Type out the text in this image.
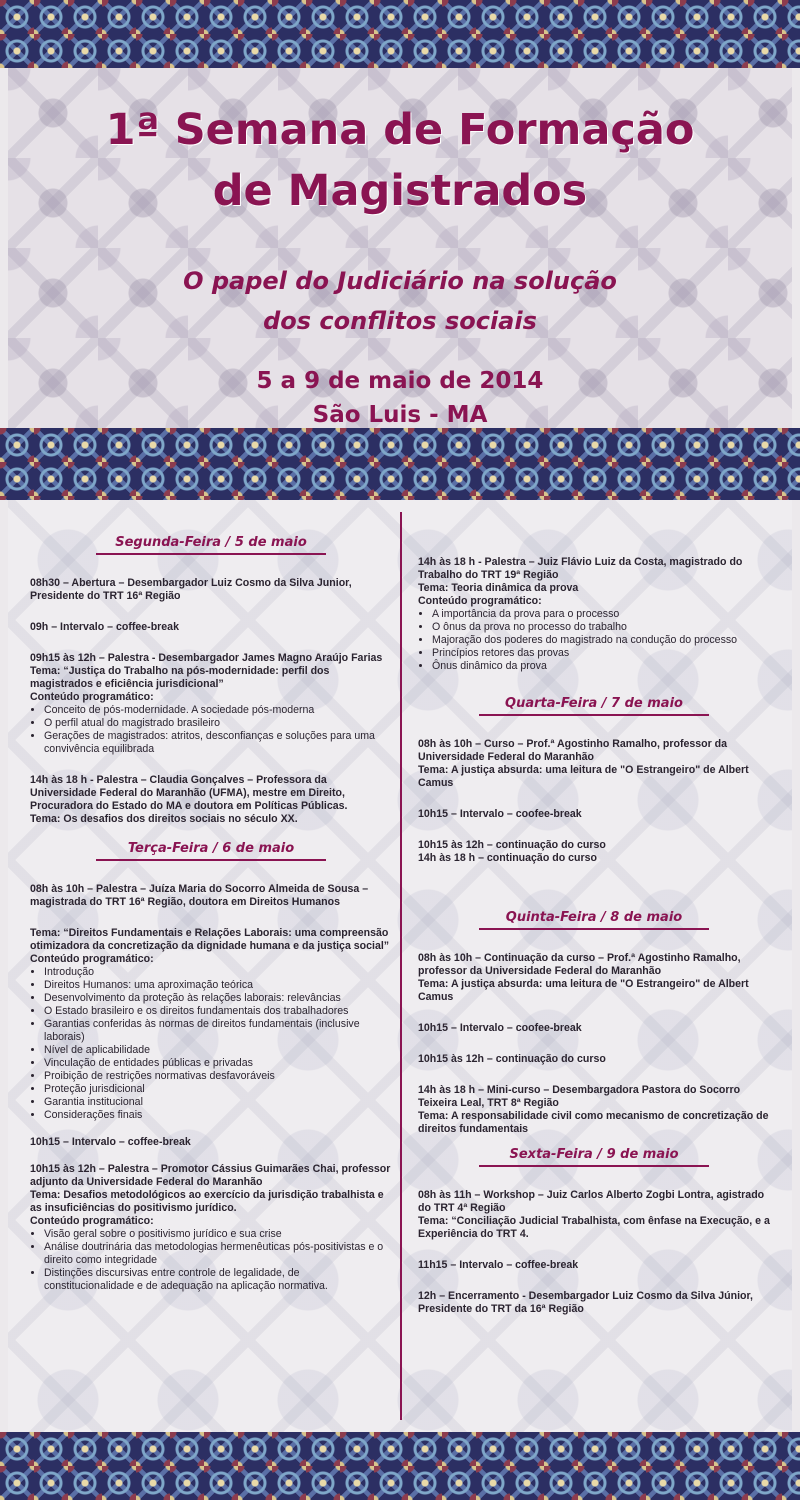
1ª Semana de Formação
de Magistrados
O papel do Judiciário na solução
dos conflitos sociais
5 a 9 de maio de 2014
São Luis - MA
Segunda-Feira / 5 de maio

08h30 – Abertura – Desembargador Luiz Cosmo da Silva Junior, Presidente do TRT 16ª Região

09h – Intervalo – coffee-break

09h15 às 12h – Palestra - Desembargador James Magno Araújo Farias

Tema: “Justiça do Trabalho na pós-modernidade: perfil dos magistrados e eficiência jurisdicional”

Conteúdo programático:

• Conceito de pós-modernidade. A sociedade pós-moderna
• O perfil atual do magistrado brasileiro
• Gerações de magistrados: atritos, desconfianças e soluções para uma convivência equilibrada

14h às 18 h - Palestra – Claudia Gonçalves – Professora da Universidade Federal do Maranhão (UFMA), mestre em Direito, Procuradora do Estado do MA e doutora em Políticas Públicas.

Tema: Os desafios dos direitos sociais no século XX.

Terça-Feira / 6 de maio

08h às 10h – Palestra – Juíza Maria do Socorro Almeida de Sousa – magistrada do TRT 16ª Região, doutora em Direitos Humanos

Tema: “Direitos Fundamentais e Relações Laborais: uma compreensão otimizadora da concretização da dignidade humana e da justiça social”

Conteúdo programático:

• Introdução
• Direitos Humanos: uma aproximação teórica
• Desenvolvimento da proteção às relações laborais: relevâncias
• O Estado brasileiro e os direitos fundamentais dos trabalhadores
• Garantias conferidas às normas de direitos fundamentais (inclusive laborais)
• Nível de aplicabilidade
• Vinculação de entidades públicas e privadas
• Proibição de restrições normativas desfavoráveis
• Proteção jurisdicional
• Garantia institucional
• Considerações finais

10h15 – Intervalo – coffee-break

10h15 às 12h – Palestra – Promotor Cássius Guimarães Chai, professor adjunto da Universidade Federal do Maranhão

Tema: Desafios metodológicos ao exercício da jurisdição trabalhista e as insuficiências do positivismo jurídico.

Conteúdo programático:

• Visão geral sobre o positivismo jurídico e sua crise
• Análise doutrinária das metodologias hermenêuticas pós-positivistas e o direito como integridade
• Distinções discursivas entre controle de legalidade, de constitucionalidade e de adequação na aplicação normativa.

14h às 18 h - Palestra – Juiz Flávio Luiz da Costa, magistrado do Trabalho do TRT 19ª Região

Tema: Teoria dinâmica da prova

Conteúdo programático:

• A importância da prova para o processo
• O ônus da prova no processo do trabalho
• Majoração dos poderes do magistrado na condução do processo
• Princípios retores das provas
• Ônus dinâmico da prova
Quarta-Feira / 7 de maio

08h às 10h – Curso – Prof.ª Agostinho Ramalho, professor da Universidade Federal do Maranhão

Tema: A justiça absurda: uma leitura de "O Estrangeiro" de Albert Camus

10h15 – Intervalo – coofee-break

10h15 às 12h – continuação do curso

14h às 18 h – continuação do curso

Quinta-Feira / 8 de maio

08h às 10h – Continuação da curso – Prof.ª Agostinho Ramalho, professor da Universidade Federal do Maranhão

Tema: A justiça absurda: uma leitura de "O Estrangeiro" de Albert Camus

10h15 – Intervalo – coofee-break

10h15 às 12h – continuação do curso

14h às 18 h – Mini-curso – Desembargadora Pastora do Socorro Teixeira Leal, TRT 8ª Região

Tema: A responsabilidade civil como mecanismo de concretização de direitos fundamentais

Sexta-Feira / 9 de maio

08h às 11h – Workshop – Juiz Carlos Alberto Zogbi Lontra, agistrado do TRT 4ª Região

Tema: “Conciliação Judicial Trabalhista, com ênfase na Execução, e a Experiência do TRT 4.

11h15 – Intervalo – coffee-break

12h – Encerramento - Desembargador Luiz Cosmo da Silva Júnior, Presidente do TRT da 16ª Região
